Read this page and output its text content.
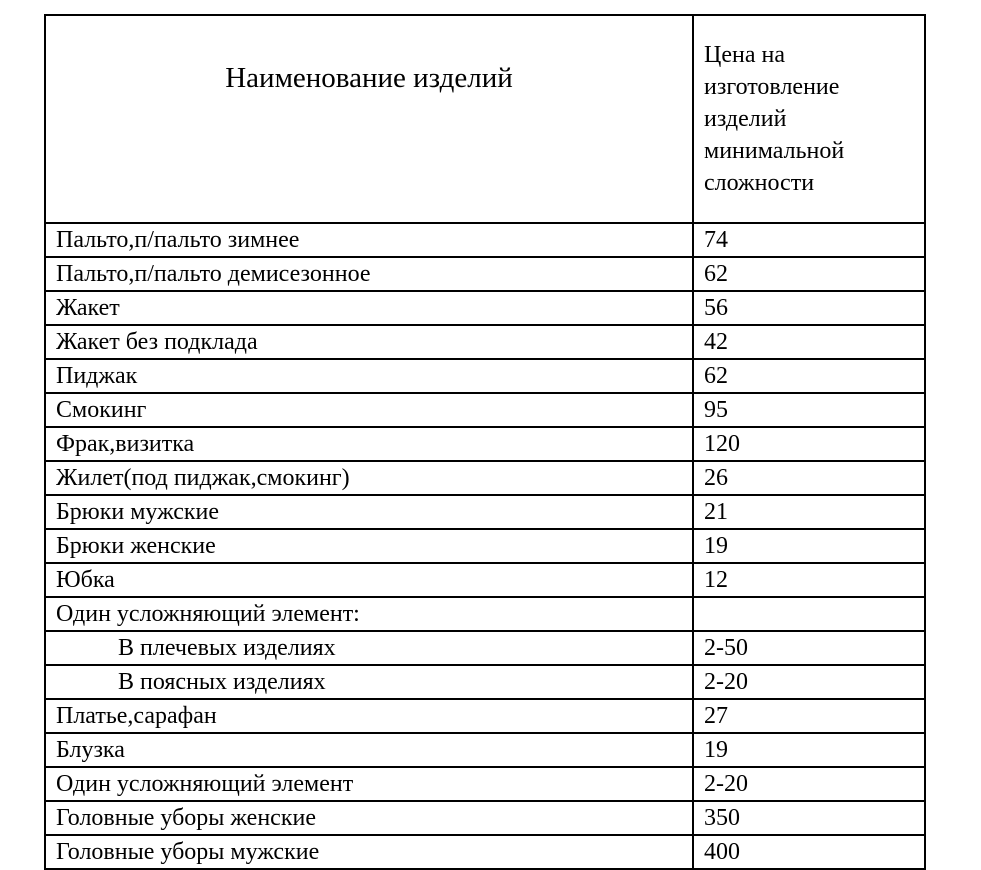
Наименование изделий	Цена на изготовление изделий минимальной сложности
Пальто,п/пальто зимнее	74
Пальто,п/пальто демисезонное	62
Жакет	56
Жакет без подклада	42
Пиджак	62
Смокинг	95
Фрак,визитка	120
Жилет(под пиджак,смокинг)	26
Брюки мужские	21
Брюки женские	19
Юбка	12
Один усложняющий элемент:	
В плечевых изделиях	2-50
В поясных изделиях	2-20
Платье,сарафан	27
Блузка	19
Один усложняющий элемент	2-20
Головные уборы женские	350
Головные уборы мужские	400
